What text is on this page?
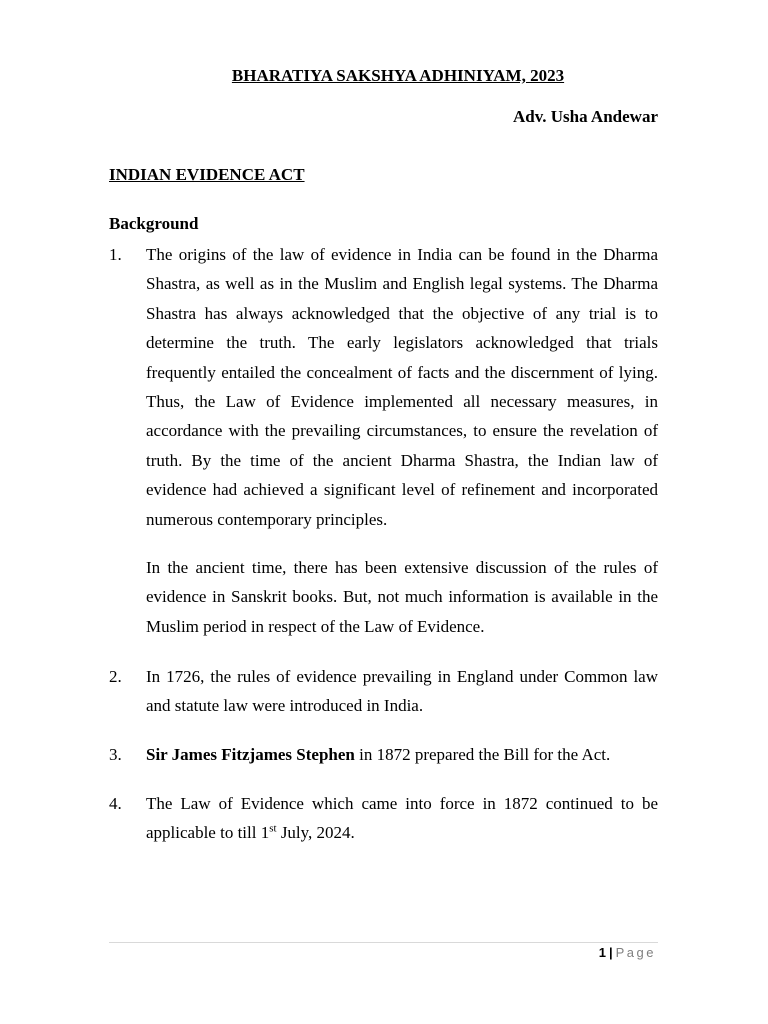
BHARATIYA SAKSHYA ADHINIYAM, 2023
Adv. Usha Andewar
INDIAN EVIDENCE ACT
Background
1.	The origins of the law of evidence in India can be found in the Dharma Shastra, as well as in the Muslim and English legal systems. The Dharma Shastra has always acknowledged that the objective of any trial is to determine the truth. The early legislators acknowledged that trials frequently entailed the concealment of facts and the discernment of lying. Thus, the Law of Evidence implemented all necessary measures, in accordance with the prevailing circumstances, to ensure the revelation of truth. By the time of the ancient Dharma Shastra, the Indian law of evidence had achieved a significant level of refinement and incorporated numerous contemporary principles.
In the ancient time, there has been extensive discussion of the rules of evidence in Sanskrit books. But, not much information is available in the Muslim period in respect of the Law of Evidence.
2.	In 1726, the rules of evidence prevailing in England under Common law and statute law were introduced in India.
3.	Sir James Fitzjames Stephen in 1872 prepared the Bill for the Act.
4.	The Law of Evidence which came into force in 1872 continued to be applicable to till 1st July, 2024.
1 | Page
